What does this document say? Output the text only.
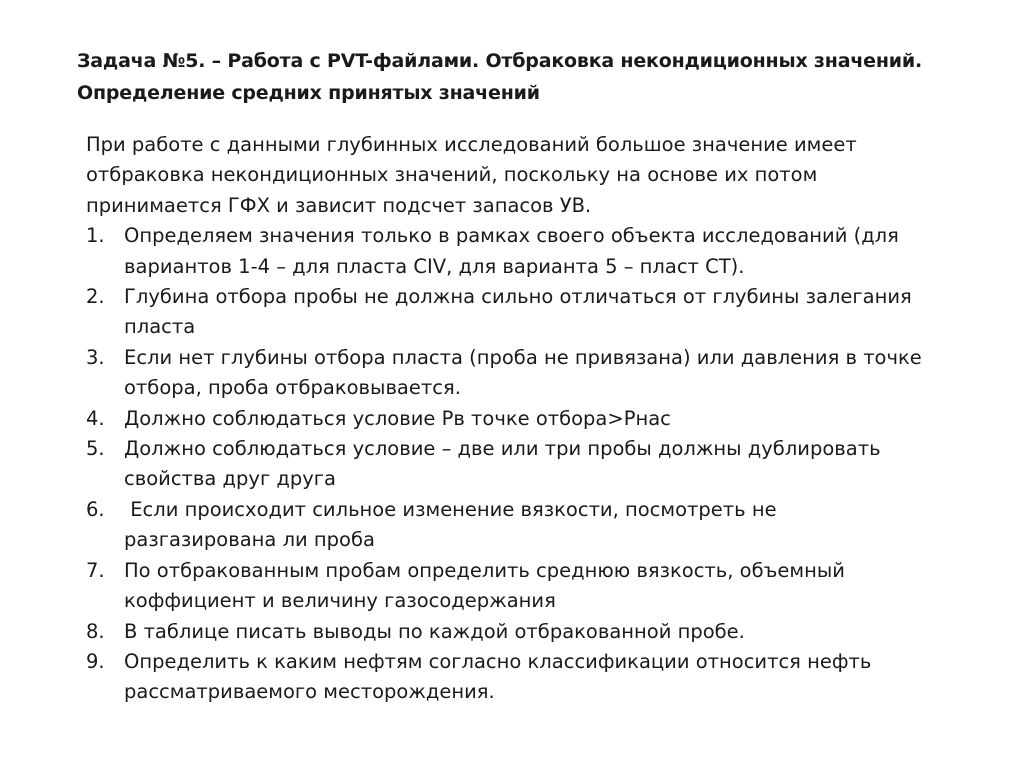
Задача №5. – Работа с PVT-файлами. Отбраковка некондиционных значений.
Определение средних принятых значений
При работе с данными глубинных исследований большое значение имеет
отбраковка некондиционных значений, поскольку на основе их потом
принимается ГФХ и зависит подсчет запасов УВ.
1. Определяем значения только в рамках своего объекта исследований (для
вариантов 1-4 – для пласта CIV, для варианта 5 – пласт СТ).
2. Глубина отбора пробы не должна сильно отличаться от глубины залегания
пласта
3. Если нет глубины отбора пласта (проба не привязана) или давления в точке
отбора, проба отбраковывается.
4. Должно соблюдаться условие Рв точке отбора>Рнас
5. Должно соблюдаться условие – две или три пробы должны дублировать
свойства друг друга
6. Если происходит сильное изменение вязкости, посмотреть не
разгазирована ли проба
7. По отбракованным пробам определить среднюю вязкость, объемный
коффициент и величину газосодержания
8. В таблице писать выводы по каждой отбракованной пробе.
9. Определить к каким нефтям согласно классификации относится нефть
рассматриваемого месторождения.
